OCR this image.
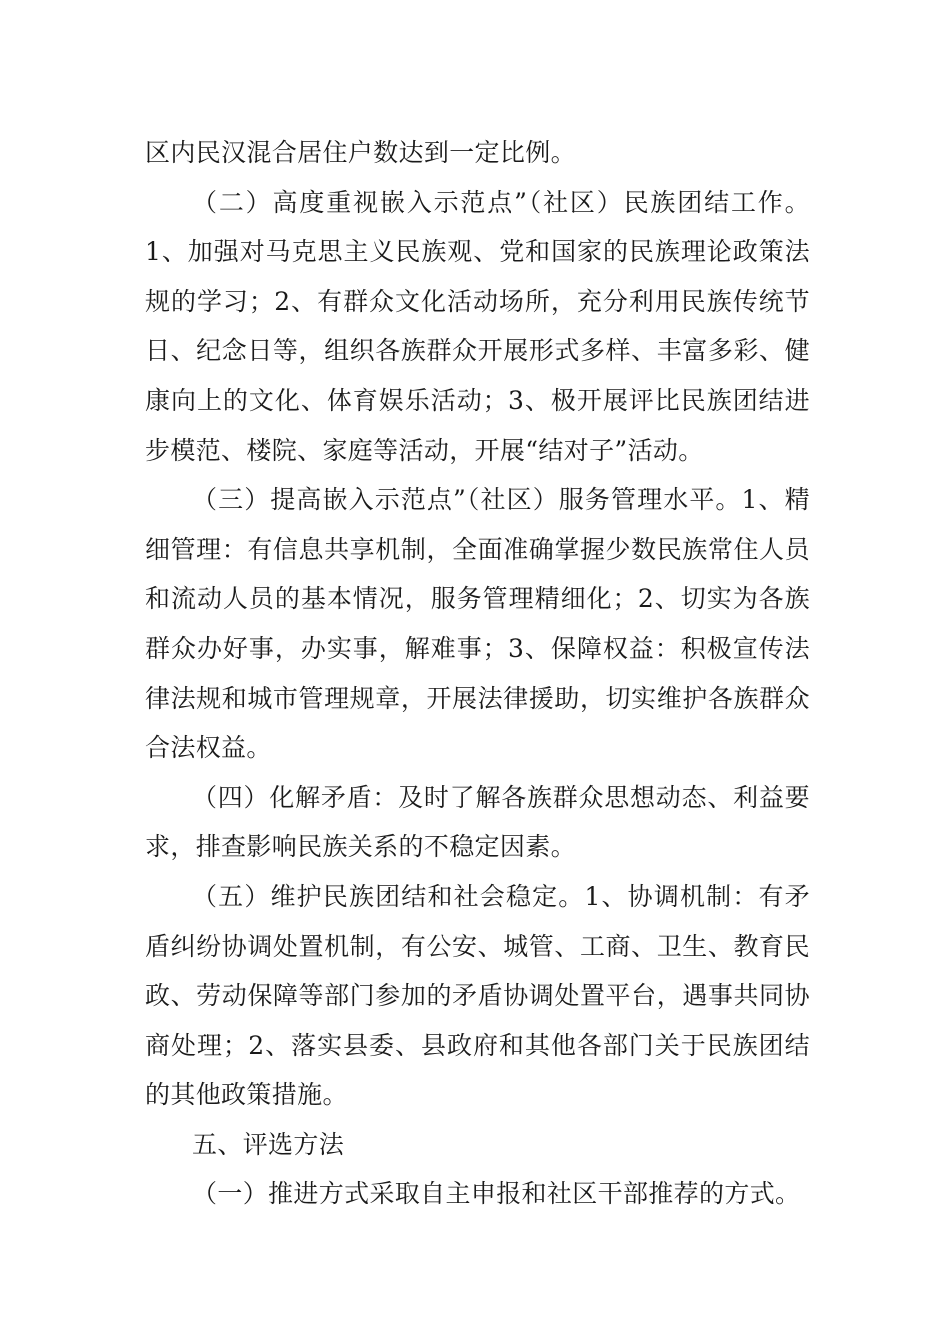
区内民汉混合居住户数达到一定比例。

（二）高度重视嵌入示范点”（社区）民族团结工作。1、加强对马克思主义民族观、党和国家的民族理论政策法规的学习；2、有群众文化活动场所，充分利用民族传统节日、纪念日等，组织各族群众开展形式多样、丰富多彩、健康向上的文化、体育娱乐活动；3、极开展评比民族团结进步模范、楼院、家庭等活动，开展“结对子”活动。

（三）提高嵌入示范点”（社区）服务管理水平。1、精细管理：有信息共享机制，全面准确掌握少数民族常住人员和流动人员的基本情况，服务管理精细化；2、切实为各族群众办好事，办实事，解难事；3、保障权益：积极宣传法律法规和城市管理规章，开展法律援助，切实维护各族群众合法权益。

（四）化解矛盾：及时了解各族群众思想动态、利益要求，排查影响民族关系的不稳定因素。

（五）维护民族团结和社会稳定。1、协调机制：有矛盾纠纷协调处置机制，有公安、城管、工商、卫生、教育民政、劳动保障等部门参加的矛盾协调处置平台，遇事共同协商处理；2、落实县委、县政府和其他各部门关于民族团结的其他政策措施。

五、评选方法

（一）推进方式采取自主申报和社区干部推荐的方式。
